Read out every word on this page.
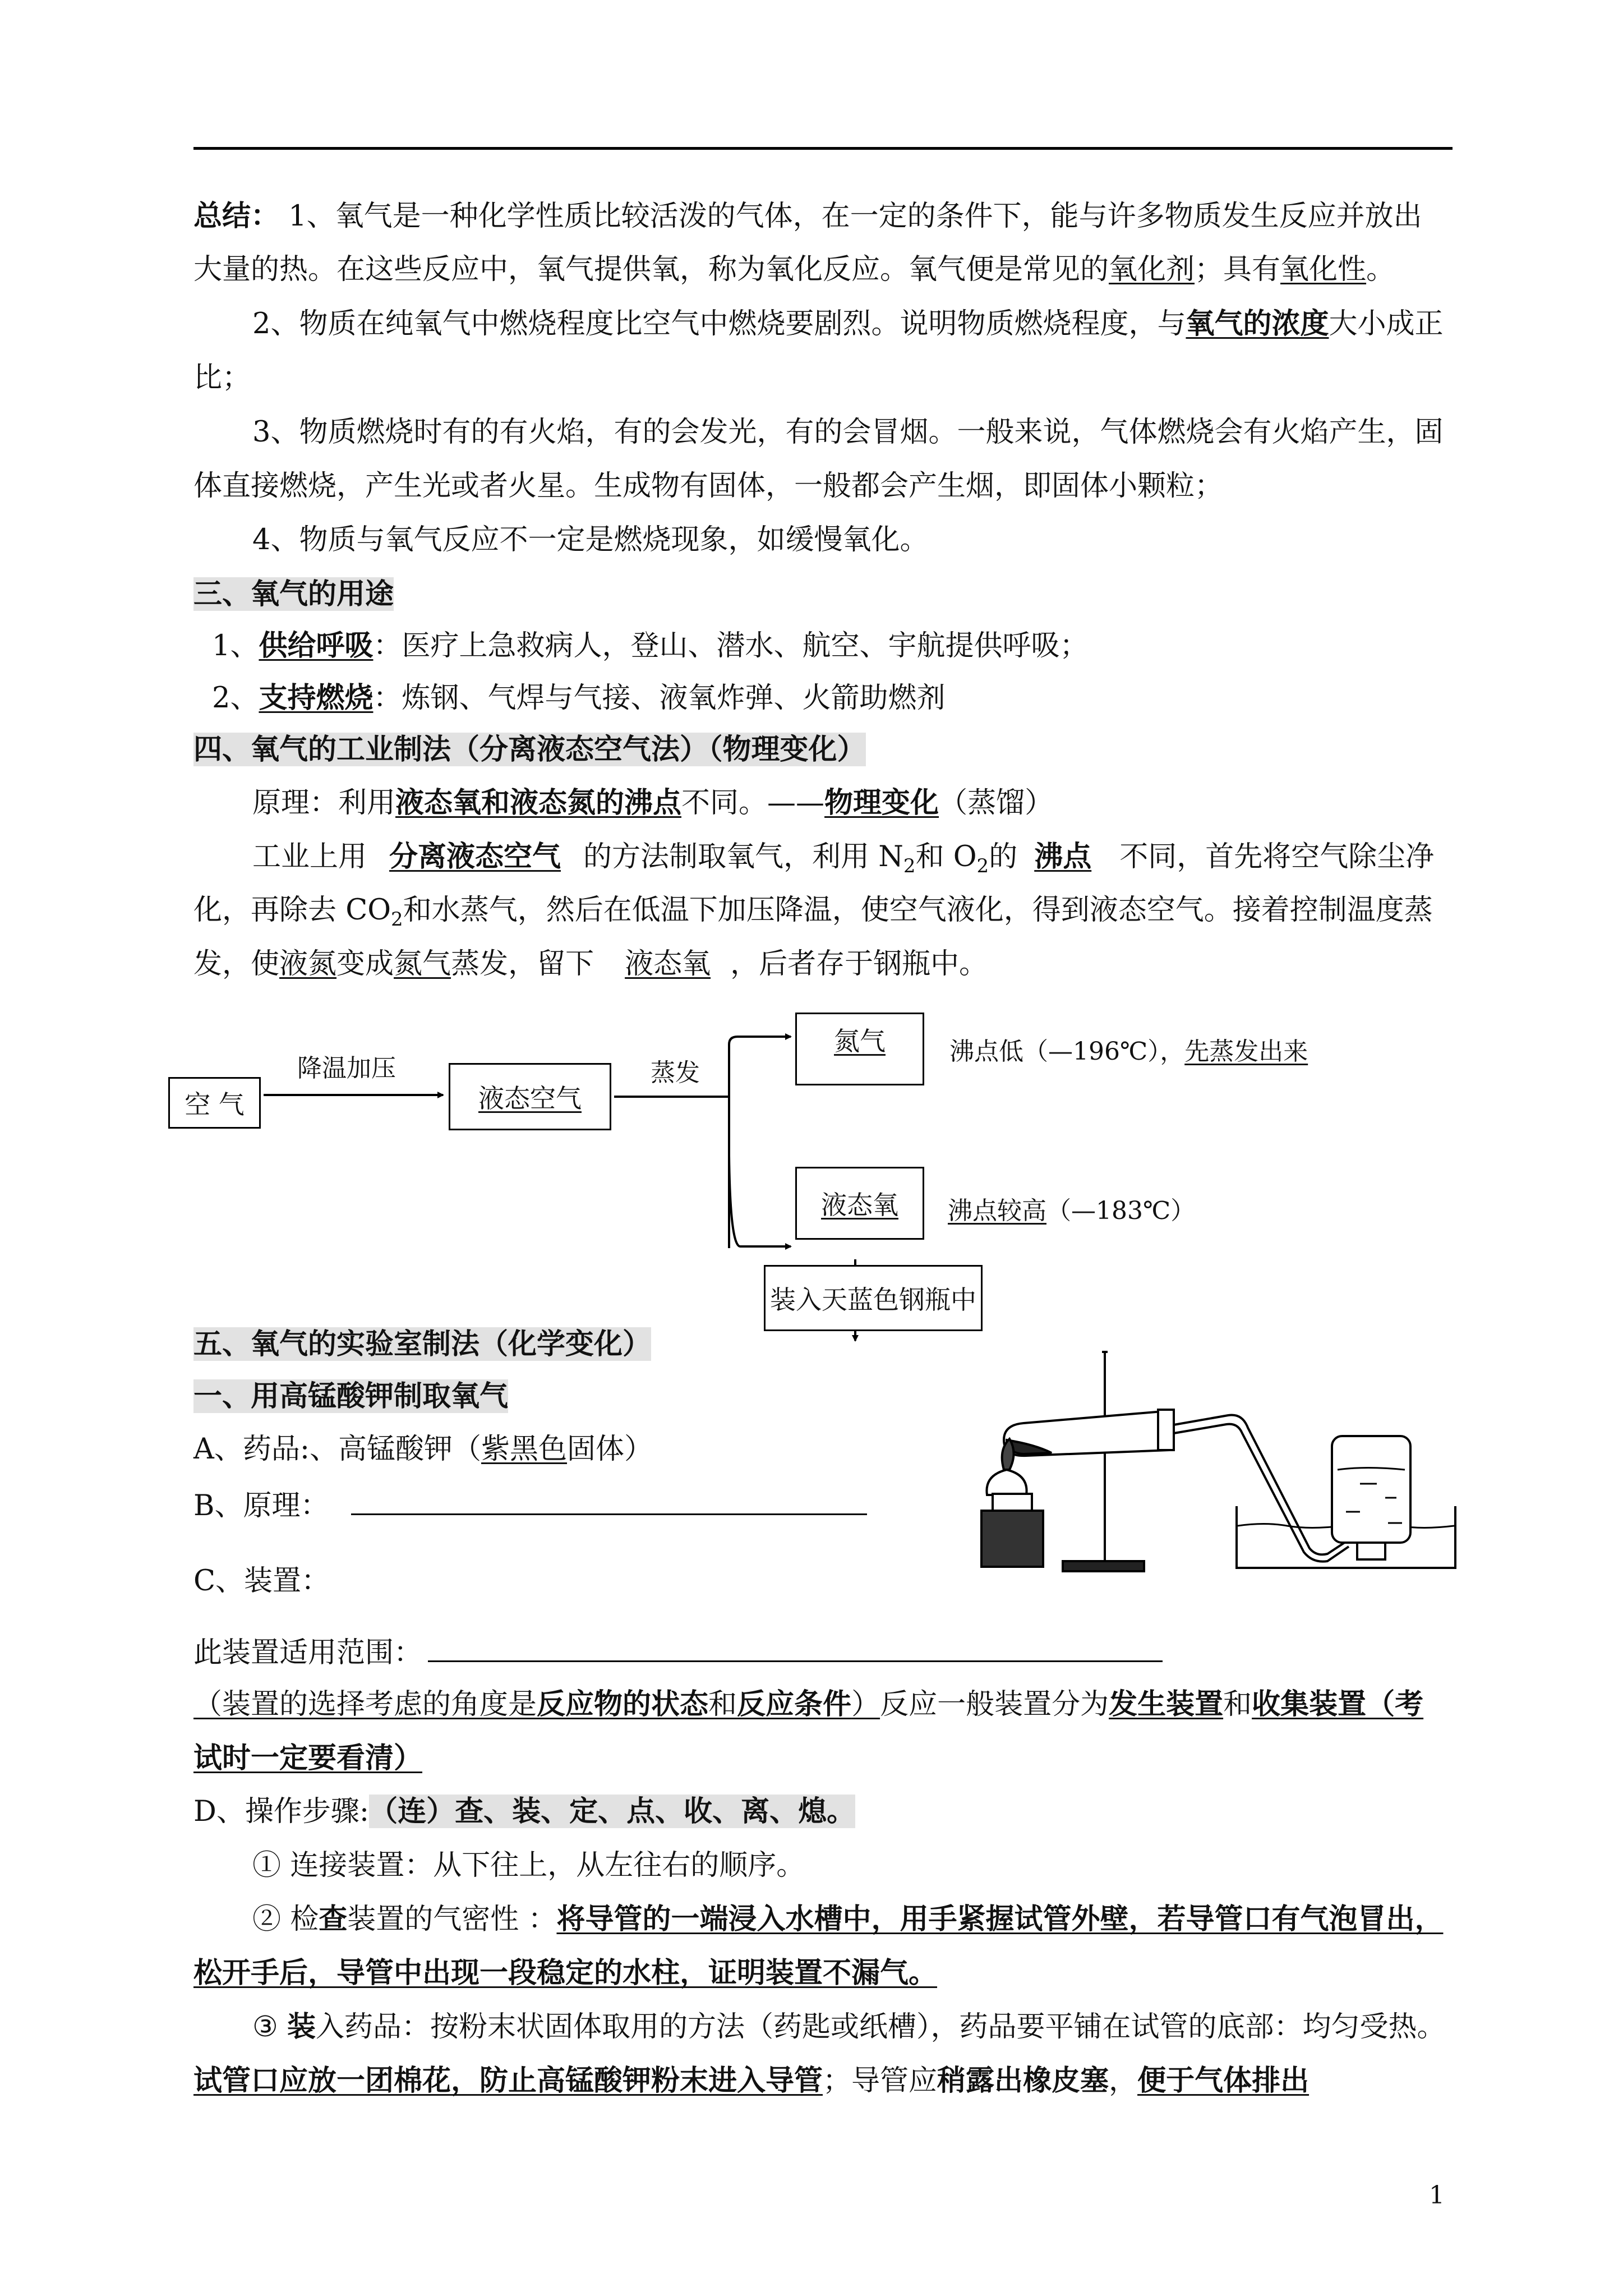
总结： 1、氧气是一种化学性质比较活泼的气体，在一定的条件下，能与许多物质发生反应并放出
大量的热。在这些反应中，氧气提供氧，称为氧化反应。氧气便是常见的氧化剂；具有氧化性。
2、物质在纯氧气中燃烧程度比空气中燃烧要剧烈。说明物质燃烧程度，与氧气的浓度大小成正
比；
3、物质燃烧时有的有火焰，有的会发光，有的会冒烟。一般来说，气体燃烧会有火焰产生，固
体直接燃烧，产生光或者火星。生成物有固体，一般都会产生烟，即固体小颗粒；
4、物质与氧气反应不一定是燃烧现象，如缓慢氧化。
三、氧气的用途
1、供给呼吸：医疗上急救病人，登山、潜水、航空、宇航提供呼吸；
2、支持燃烧：炼钢、气焊与气接、液氧炸弹、火箭助燃剂
四、氧气的工业制法（分离液态空气法）（物理变化）
原理：利用液态氧和液态氮的沸点不同。——物理变化（蒸馏）
工业上用 分离液态空气 的方法制取氧气，利用 $N_2$和 $O_2$的 沸点 不同，首先将空气除尘净
化，再除去 $CO_2$和水蒸气，然后在低温下加压降温，使空气液化，得到液态空气。接着控制温度蒸
发，使液氮变成氮气蒸发，留下 液态氧 ，后者存于钢瓶中。
空 气
降温加压
液态空气
蒸发
氮气	沸点低（—196℃），先蒸发出来
液态氧 沸点较高（—183℃）
装入天蓝色钢瓶中
五、氧气的实验室制法（化学变化）
一、用高锰酸钾制取氧气
A、药品:、高锰酸钾（紫黑色固体）
B、原理：
C、装置：
此装置适用范围：
（装置的选择考虑的角度是反应物的状态和反应条件）反应一般装置分为发生装置和收集装置（考
试时一定要看清）
D、操作步骤:（连）查、装、定、点、收、离、熄。
① 连接装置：从下往上，从左往右的顺序。
② 检查装置的气密性 ：将导管的一端浸入水槽中，用手紧握试管外壁，若导管口有气泡冒出，
松开手后，导管中出现一段稳定的水柱，证明装置不漏气。
③ 装入药品：按粉末状固体取用的方法（药匙或纸槽），药品要平铺在试管的底部：均匀受热。
试管口应放一团棉花，防止高锰酸钾粉末进入导管；导管应稍露出橡皮塞，便于气体排出
1
